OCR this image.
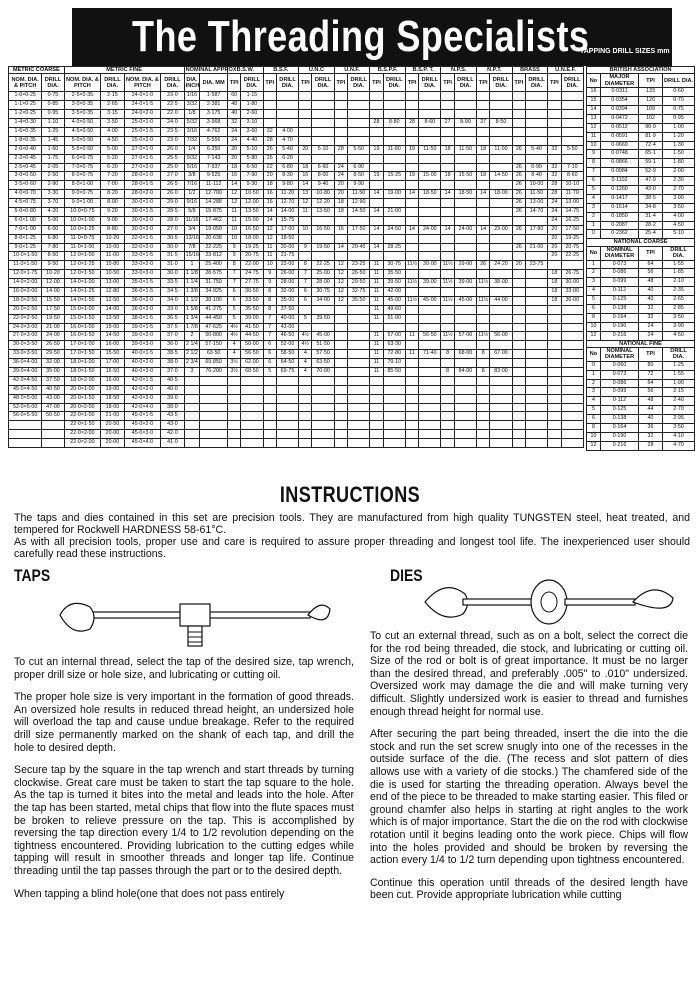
The Threading Specialists
TAPPING DRILL SIZES mm
METRIC COARSE		METRIC FINE				NOMINAL APPROX.		B.S.W.		B.S.F.		U.N.C		U.N.F.		B.S.P.F.		B.S.P. T.		N.P.S.		N.P.T.		BRASS		U.N.E.F.		
NOM. DIA. & PITCH	DRILL DIA.	NOM. DIA. & PITCH	DRILL DIA.	NOM. DIA. & PITCH	DRILL DIA.	DIA. INCH	DIA. MM	TPI	DRILL DIA.	TPI	DRILL DIA.	TPI	DRILL DIA.	TPI	DRILL DIA.	TPI	DRILL DIA.	TPI	DRILL DIA.	TPI	DRILL DIA.	TPI	DRILL DIA.	TPI	DRILL DIA.	TPI	DRILL DIA.	
1·0×0·25	0·75	2·5×0·35	2·15	24·0×1·0	23·0	1/16	1·587	60	1·15																			
1·1×0·25	0·85	3·0×0·35	2·65	24·0×1·5	22·5	3/32	2·381	48	1·80																			
1·2×0·25	0·95	3·5×0·35	3·15	24·0×2·0	22·0	1/8	3·175	40	2·60																			
1·4×0·30	1·10	4·0×0·50	3·50	25·0×1·0	24·0	5/32	3·968	32	3·10							28	8·80	28	8·60	27	8·90	27	8·50					
1·6×0·35	1·25	4·5×0·50	4·00	25·0×1·5	23·5	3/16	4·762	24	3·60	32	4·00																	
1·8×0·35	1·45	5·0×0·50	4·50	25·0×2·0	23·0	7/32	5·556	24	4·40	28	4·70																	
2·0×0·40	1·60	5·5×0·50	5·00	27·0×1·0	26·0	1/4	6·350	20	5·10	26	5·40	20	5·10	28	5·50	19	11·80	19	11·50	18	11·50	18	11·00	26	5·40	32	5·50	
2·2×0·45	1·75	6·0×0·75	5·20	27·0×1·5	25·5	9/32	7·143	20	5·80	26	6·20																	
2·5×0·45	2·05	7·0×0·75	6·20	27·0×2·0	25·0	5/16	7·937	18	6·50	22	6·80	18	6·60	24	6·90									26	6·90	32	7·10	
3·0×0·50	2·50	8·0×0·75	7·20	28·0×1·0	27·0	3/8	9·525	16	7·90	20	8·30	16	8·00	24	8·50	19	15·25	19	15·00	18	15·50	18	14·50	26	8·40	32	8·60	
3·5×0·60	2·90	8·0×1·00	7·00	28·0×1·5	26·5	7/16	11·112	14	9·30	18	9·80	14	9·40	20	9·90									26	10·00	28	10·10	
4·0×0·70	3·30	9·0×0·75	8·20	28·0×2·0	26·0	1/2	12·700	12	10·50	16	11·20	13	10·80	20	11·50	14	19·00	14	18·50	14	18·50	14	18·00	26	11·50	28	11·70	
4·5×0·75	3·70	9·0×1·00	8·00	30·0×1·0	29·0	9/16	14·288	12	12·00	16	12·70	12	12·20	18	12·90									26	13·00	24	13·00	
5·0×0·80	4·20	10·0×0·75	9·20	30·0×1·5	28·5	5/8	15·875	11	13·50	14	14·00	11	13·50	18	14·50	14	21·00							26	14·70	24	14·75	
6·0×1·00	5·00	10·0×1·00	9·00	30·0×2·0	28·0	11/16	17·462	11	15·00	14	15·75															24	16·25	
7·0×1·00	6·00	10·0×1·25	8·80	30·0×3·0	27·0	3/4	19·050	10	16·50	12	17·00	10	16·50	16	17·50	14	24·50	14	24·00	14	24·00	14	23·00	26	17·80	20	17·50	
8·0×1·25	6·80	11·0×0·75	10·20	32·0×1·5	30·5	13/16	20·638	10	18·00	12	18·50															20	19·25	
9·0×1·25	7·80	11·0×1·00	10·00	32·0×2·0	30·0	7/8	22·225	9	19·25	11	20·00	9	19·50	14	20·40	14	28·25							26	21·00	20	20·75	
10·0×1·50	8·50	12·0×1·00	11·00	33·0×1·5	31·5	15/16	23·812	9	20·75	11	21·75															20	22·25	
11·0×1·50	9·50	12·0×1·25	10·80	33·0×2·0	31·0	1	25·400	8	22·00	10	23·00	8	22·25	12	23·25	11	30·75	11½	30·00	11½	29·00	26	24·20	20	23·75			
12·0×1·75	10·20	12·0×1·50	10·50	33·0×3·0	30·0	1 1/8	28·575	7	24·75	9	26·00	7	25·00	12	26·50	11	35·50									18	26·75	
14·0×2·00	12·00	14·0×1·00	13·00	35·0×1·5	33·5	1 1/4	31·750	7	27·75	9	28·00	7	28·00	12	29·50	11	39·50	11½	39·00	11½	39·00	11½	38·00			18	30·00	
16·0×2·00	14·00	14·0×1·25	12·80	36·0×1·5	34·5	1 3/8	34·925	6	30·50	8	32·00	6	30·75	12	32·75	11	42·00									18	33·00	
18·0×2·50	15·50	14·0×1·50	12·50	36·0×2·0	34·0	1 1/2	38·100	6	33·50	8	35·00	6	34·00	12	35·50	11	45·00	11½	45·00	11½	45·00	11½	44·00			18	36·00	
20·0×2·50	17·50	15·0×1·00	14·00	36·0×3·0	33·0	1 5/8	41·275	5	35·50	8	37·50					11	49·60											
22·0×2·50	19·50	15·0×1·50	13·50	38·0×1·5	36·5	1 3/4	44·450	5	39·00	7	40·00	5	39·50			11	51·00											
24·0×3·00	21·00	16·0×1·00	15·00	39·0×1·5	37·5	1 7/8	47·625	4½	41·50	7	43·00																	
27·0×3·00	24·00	16·0×1·50	14·50	39·0×2·0	37·0	2	50·800	4½	44·50	7	46·50	4½	45·00			11	57·00	11	56·50	11½	57·00	11½	56·00					
30·0×3·50	26·50	17·0×1·00	16·00	39·0×3·0	36·0	2 1/4	57·150	4	50·00	6	52·00	4½	51·50			11	63·30											
33·0×3·50	29·50	17·0×1·50	15·50	40·0×1·5	38·5	2 1/2	63·50	4	56·50	6	58·50	4	57·50			11	72·80	11	71·40	8	68·00	8	67·00					
36·0×4·00	32·00	18·0×1·00	17·00	40·0×2·0	38·0	2 3/4	69·850	3½	62·00	6	64·50	4	63·50			11	79·10											
39·0×4·00	35·00	18·0×1·50	16·50	40·0×3·0	37·0	3	76·200	3½	68·50	5	69·75	4	70·00			11	85·50			8	84·00	8	83·00					
42·0×4·50	37·50	18·0×2·00	16·00	42·0×1·5	40·5																							
45·0×4·50	40·50	20·0×1·00	19·00	42·0×2·0	40·0																							
48·0×5·00	43·00	20·0×1·50	18·50	42·0×3·0	39·0																							
52·0×5·00	47·00	20·0×2·00	18·00	42·0×4·0	38·0																							
56·0×5·50	50·50	22·0×1·00	21·00	45·0×1·5	43·5																							
		22·0×1·50	20·50	45·0×2·0	43·0																							
		22·0×2·00	20·00	45·0×3·0	42·0																							
		22·0×2·00	20·00	45·0×4·0	41·0																							
BRITISH ASSOCIATION			
No	MAJOR
DIAMETER	TPI	DRILL DIA.
16	0·0311	133	0·60
15	0·0354	120	0·70
14	0·0394	109	0·75
13	0·0472	102	0·95
12	0·0512	90·9	1·00
11	0·0591	81·9	1·20
10	0·0669	72·4	1·30
9	0·0748	65·1	1·50
8	0·0866	59·1	1·80
7	0·0984	52·9	2·00
6	0·1102	47·9	2·30
5	0·1260	43·0	2·70
4	0·1417	38·5	3·00
3	0·1614	34·8	3·50
2	0·1850	31·4	4·00
1	0·2087	28·2	4·50
0	0·2362	25·4	5·10
NATIONAL COARSE			
No	NOMINAL DIAMETER	TPI	DRILL DIA.
1	0·073	64	1·55
2	0·086	56	1·85
3	0·099	48	2·10
4	0·112	40	2·35
5	0·125	40	2·65
6	0·138	32	2·85
8	0·164	32	3·50
10	0·190	24	3·90
12	0·216	24	4·50
NATIONAL FINE			
No	NOMINAL DIAMETER	TPI	DRILL DIA.
0	0·060	80	1·25
1	0·073	72	1·55
2	0·086	64	1·90
3	0·099	56	2·15
4	0·112	48	2·40
5	0·125	44	2·70
6	0·138	40	2·95
8	0·164	36	3·50
10	0·190	32	4·10
12	0·216	28	4·70
INSTRUCTIONS

The taps and dies contained in this set are precision tools. They are manufactured from high quality TUNGSTEN steel, heat treated, and tempered for Rockwell HARDNESS 58-61°C.

As with all precision tools, proper use and care is required to assure proper threading and longest tool life. The inexperienced user should carefully read these instructions.

TAPS	DIES

To cut an internal thread, select the tap of the desired size, tap wrench, proper drill size or hole size, and lubricating or cutting oil.

The proper hole size is very important in the formation of good threads. An oversized hole results in reduced thread height, an undersized hole will overload the tap and cause undue breakage. Refer to the required drill size permanently marked on the shank of each tap, and drill the hole to desired depth.

Secure tap by the square in the tap wrench and start threads by turning clockwise. Great care must be taken to start the tap square to the hole. As the tap is turned it bites into the metal and leads into the hole. After the tap has been started, metal chips that flow into the flute spaces must be broken to relieve pressure on the tap. This is accomplished by reversing the tap direction every 1/4 to 1/2 revolution depending on the tightness encountered. Providing lubrication to the cutting edges while tapping will result in smoother threads and longer tap life. Continue threading until the tap passes through the part or to the desired depth.

When tapping a blind hole(one that does not pass entirely

To cut an external thread, such as on a bolt, select the correct die for the rod being threaded, die stock, and lubricating or cutting oil. Size of the rod or bolt is of great importance. It must be no larger than the desired thread, and preferably .005" to .010" undersized. Oversized work may damage the die and will make turning very difficult. Slightly undersized work is easier to thread and furnishes enough thread height for normal use.

After securing the part being threaded, insert the die into the die stock and run the set screw snugly into one of the recesses in the outside surface of the die. (The recess and slot pattern of dies allows use with a variety of die stocks.) The chamfered side of the die is used for starting the threading operation. Always bevel the end of the piece to be threaded to make starting easier. This filed or ground chamfer also helps in starting at right angles to the work which is of major importance. Start the die on the rod with clockwise rotation until it begins leading onto the work piece. Chips will flow into the holes provided and should be broken by reversing the action every 1/4 to 1/2 turn depending upon tightness encountered.

Continue this operation until threads of the desired length have been cut. Provide appropriate lubrication while cutting
